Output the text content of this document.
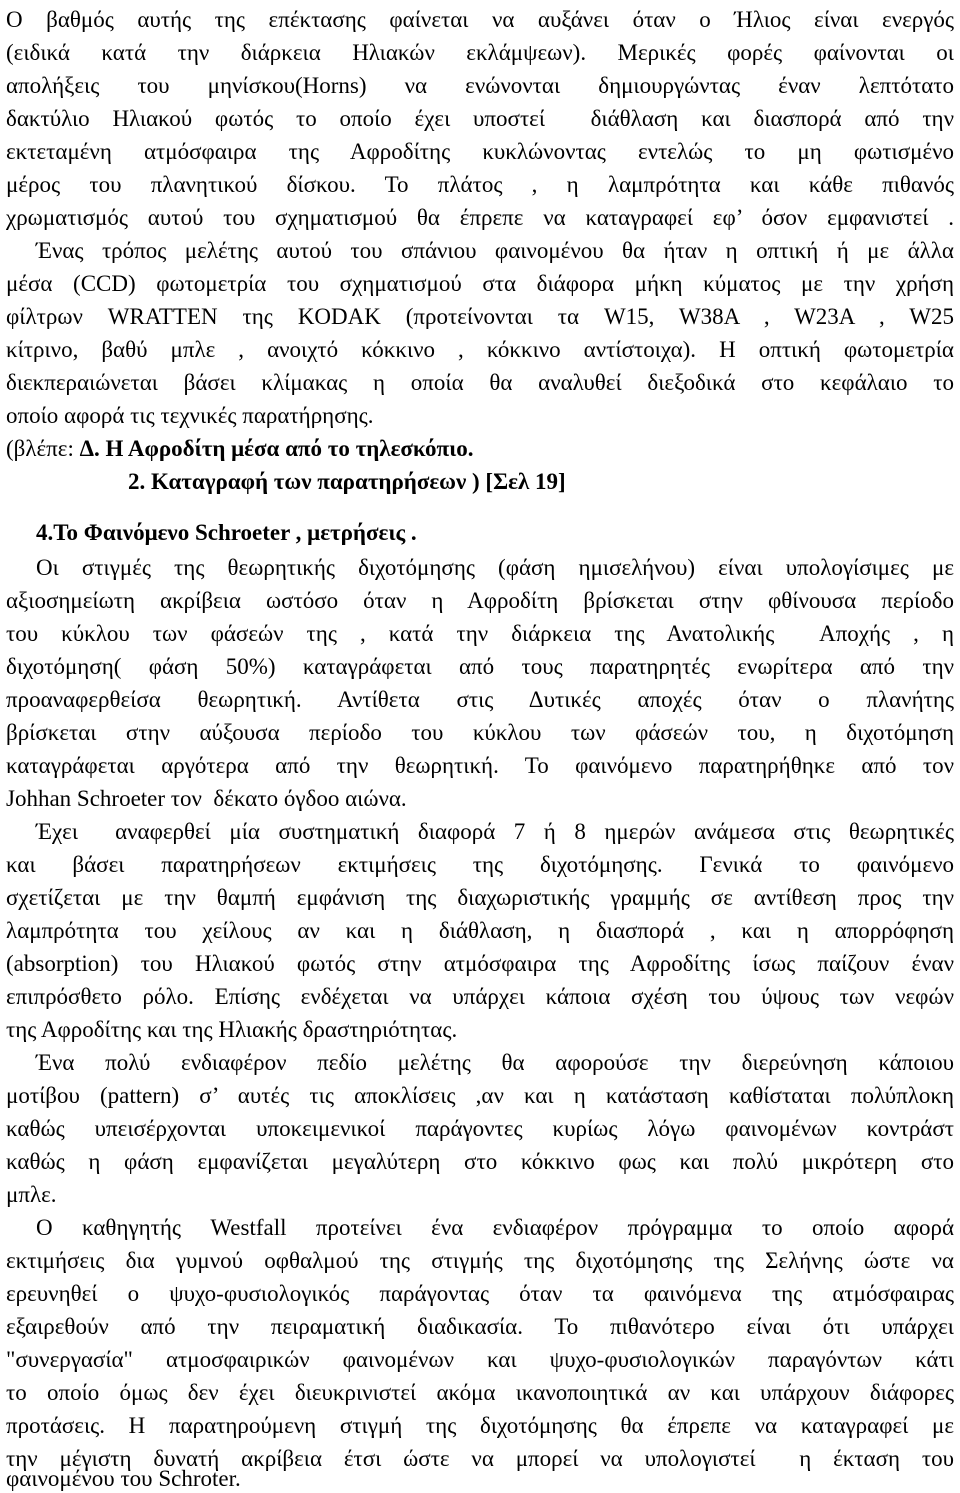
Ο βαθμός αυτής της επέκτασης φαίνεται να αυξάνει όταν ο Ήλιος είναι ενεργός
(ειδικά κατά την διάρκεια Ηλιακών εκλάμψεων). Μερικές φορές φαίνονται οι
απολήξεις του μηνίσκου(Horns) να ενώνονται δημιουργώντας έναν λεπτότατο
δακτύλιο Ηλιακού φωτός το οποίο έχει υποστεί  διάθλαση και διασπορά από την
εκτεταμένη ατμόσφαιρα της Αφροδίτης κυκλώνοντας εντελώς το μη φωτισμένο
μέρος του πλανητικού δίσκου. Το πλάτος , η λαμπρότητα και κάθε πιθανός
χρωματισμός αυτού του σχηματισμού θα έπρεπε να καταγραφεί εφ’ όσον εμφανιστεί .
Ένας τρόπος μελέτης αυτού του σπάνιου φαινομένου θα ήταν η οπτική ή με άλλα
μέσα (CCD) φωτομετρία του σχηματισμού στα διάφορα μήκη κύματος με την χρήση
φίλτρων WRATTEN της KODAK (προτείνονται τα W15, W38A , W23A , W25
κίτρινο, βαθύ μπλε , ανοιχτό κόκκινο , κόκκινο αντίστοιχα). Η οπτική φωτομετρία
διεκπεραιώνεται βάσει κλίμακας η οποία θα αναλυθεί διεξοδικά στο κεφάλαιο το
οποίο αφορά τις τεχνικές παρατήρησης.
(βλέπε: Δ. Η Αφροδίτη μέσα από το τηλεσκόπιο.
2. Καταγραφή των παρατηρήσεων ) [Σελ 19]
4.Το Φαινόμενο Schroeter , μετρήσεις .
Οι στιγμές της θεωρητικής διχοτόμησης (φάση ημισελήνου) είναι υπολογίσιμες με
αξιοσημείωτη ακρίβεια ωστόσο όταν η Αφροδίτη βρίσκεται στην φθίνουσα περίοδο
του κύκλου των φάσεών της , κατά την διάρκεια της Ανατολικής  Αποχής , η
διχοτόμηση( φάση 50%) καταγράφεται από τους παρατηρητές ενωρίτερα από την
προαναφερθείσα θεωρητική. Αντίθετα στις Δυτικές αποχές όταν ο πλανήτης
βρίσκεται στην αύξουσα περίοδο του κύκλου των φάσεών του, η διχοτόμηση
καταγράφεται αργότερα από την θεωρητική. Το φαινόμενο παρατηρήθηκε από τον
Johhan Schroeter τον  δέκατο όγδοο αιώνα.
Έχει  αναφερθεί μία συστηματική διαφορά 7 ή 8 ημερών ανάμεσα στις θεωρητικές
και βάσει παρατηρήσεων εκτιμήσεις της διχοτόμησης. Γενικά το φαινόμενο
σχετίζεται με την θαμπή εμφάνιση της διαχωριστικής γραμμής σε αντίθεση προς την
λαμπρότητα του χείλους αν και η διάθλαση, η διασπορά , και η απορρόφηση
(absorption) του Ηλιακού φωτός στην ατμόσφαιρα της Αφροδίτης ίσως παίζουν έναν
επιπρόσθετο ρόλο. Επίσης ενδέχεται να υπάρχει κάποια σχέση του ύψους των νεφών
της Αφροδίτης και της Ηλιακής δραστηριότητας.
Ένα πολύ ενδιαφέρον πεδίο μελέτης θα αφορούσε την διερεύνηση κάποιου
μοτίβου (pattern) σ’ αυτές τις αποκλίσεις ,αν και η κατάσταση καθίσταται πολύπλοκη
καθώς υπεισέρχονται υποκειμενικοί παράγοντες κυρίως λόγω φαινομένων κοντράστ
καθώς η φάση εμφανίζεται μεγαλύτερη στο κόκκινο φως και πολύ μικρότερη στο
μπλε.
Ο καθηγητής Westfall προτείνει ένα ενδιαφέρον πρόγραμμα το οποίο αφορά
εκτιμήσεις δια γυμνού οφθαλμού της στιγμής της διχοτόμησης της Σελήνης ώστε να
ερευνηθεί ο ψυχο-φυσιολογικός παράγοντας όταν τα φαινόμενα της ατμόσφαιρας
εξαιρεθούν από την πειραματική διαδικασία. Το πιθανότερο είναι ότι υπάρχει
"συνεργασία" ατμοσφαιρικών φαινομένων και ψυχο-φυσιολογικών παραγόντων κάτι
το οποίο όμως δεν έχει διευκρινιστεί ακόμα ικανοποιητικά αν και υπάρχουν διάφορες
προτάσεις. Η παρατηρούμενη στιγμή της διχοτόμησης θα έπρεπε να καταγραφεί με
την μέγιστη δυνατή ακρίβεια έτσι ώστε να μπορεί να υπολογιστεί  η έκταση του
φαινομένου του Schroter.
